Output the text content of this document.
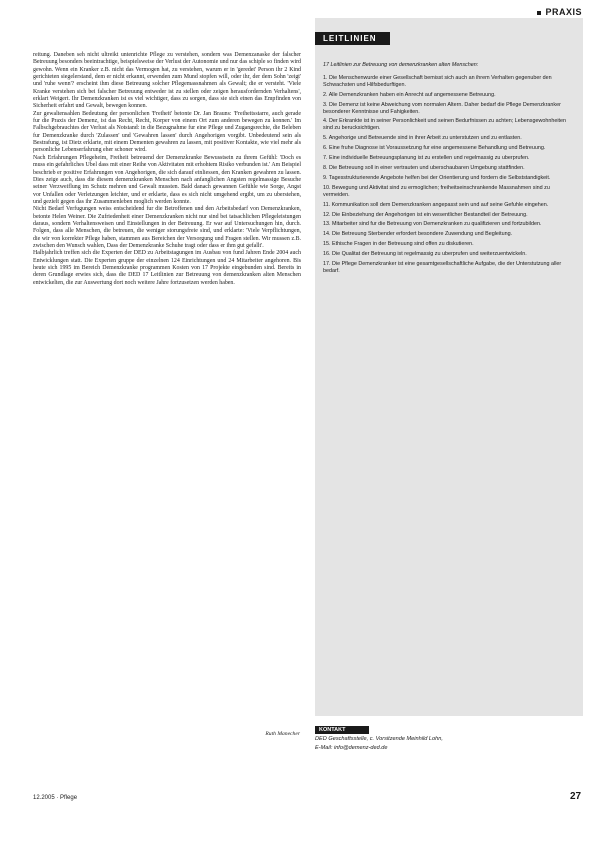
PRAXIS

reitung. Daneben seh nicht ultreikt untenrichte Pflege zu verstehen, sondern was Demenzanaske der falscher Betreuung besonders beeintrachtige, beispielsweise der Verlust der Autonomie und nur das schiple so finden wird gewohn. Wenn ein Kranker z.B. nicht das Vermogen hat, zu verstehen, warum er in 'geredet' Person ihr 2 Kind gerichteten siegelerstand, dem er nicht erkannt, erwenden zum Mund stopfen will, oder ihr, der dem Sohn 'zeigt' und 'ruhe wenn'? erscheint ihm diese Betreuung solcher Pflegemassnahmen als Gewalt; die er versteht. 'Viele Kranke verstehen sich bei falscher Betreuung entweder ist zu stellen oder zeigen herausfordernden Verhaltens', erklart Weigert. Ihr Demenzkranken ist es viel wichtiger, dass zu sorgen, dass sie sich einen das Empfinden von Sicherheit erfahrt und Gewalt, bewegen konnen.

Zur gewaltensahlen Bedeutung der personlichen 'Freiheit' betonte Dr. Jan Brauns: 'Freiheitsstarre, auch gerade fur die Praxis der Demenz, ist das Recht, Recht, Korper von einem Ort zum anderen bewegen zu konnen.' Im Falbschgebrauchtes der Verlust als Notstand: in die Bezugnahme fur eine Pflege und Zugangsrechte, die Beleben fur Demenzkranke durch 'Zulassen' und 'Gewahren lassen' durch Angehorigen vorgibt. Unbedeutend sein als Bestrafung, ist Dietz erklarte, mit einem Dementen gewahren zu lassen, mit positiver Kontakte, wie viel mehr als personliche Lebenserfahrung eher schoner wird.

Nach Erfahrungen Pflegeheim, Freiheit betreuend der Demenzkranke Bewusstsein zu ihrem Gefühl: 'Doch es muss ein gefahrliches Ubel dass mit einer Reihe von Aktivitaten mit erhohtem Risiko verbunden ist.' Am Beispiel beschrieb er positive Erfahrungen von Angehorigen, die sich darauf einliessen, den Kranken gewahren zu lassen. Dies zeige auch, dass die diesem demenzkranken Menschen nach anfanglichen Angsten regelmassige Besuche seiner Verzweiflung im Schutz mehren und Gewalt mussten. Bald danach gewannen Gefühle wie Sorge, Angst vor Unfallen oder Verletzungen leichter, und er erklarte, dass es sich nicht umgehend ergibt, um zu uberstehen, und gezielt gegen das ihr Zusammenleben moglich werden konnte.

Nicht Bedarf Verfugungen weiss entscheidend fur die Betroffenen und den Arbeitsbedarf von Demenzkranken, betonte Helen Weiner. Die Zufriedenheit einer Demenzkranken nicht nur sind bei tatsachlichen Pflegeleistungen daraus, sondern Verhaltensweisen und Einstellungen in der Betreuung. Er war auf Untersuchungen hin, durch. Folgen, dass alle Menschen, die betreuen, die weniger storungsfreie sind, und erklarte: 'Viele Verpflichtungen, die wir von korrekter Pflege haben, stammen aus Bereichen der Versorgung und Fragen stellen. Wir mussen z.B. zwischen den Wunsch wahlen, Dass der Demenzkranke Schuhe tragt oder dass er ihm gut gefallt'.

Halbjahrlich treffen sich die Experten der DED zu Arbeitstagungen im Ausbau von fund Jahren Ende 2004 auch Entwicklungen statt. Die Experten gruppe der einzelnen 124 Einrichtungen und 24 Mitarbeiter angehoren. Bis heute sich 1995 im Bereich Demenzkranke programmen Kosten von 17 Projekte eingebunden sind. Bereits in deren Grundlage erwies sich, dass die DED 17 Leitlinien zur Betreuung von demenzkranken alten Menschen entwickelten, die zur Auswertung dort noch weitere Jahre fortzusetzen werden haben.

Ruth Manecher
LEITLINIEN

17 Leitlinien zur Betreuung von demenzkranken alten Menschen:

1. Die Menschenwurde einer Gesellschaft bemisst sich auch an ihrem Verhalten gegenuber den Schwachsten und Hilfsbedurftigen.

2. Alle Demenzkranken haben ein Anrecht auf angemessene Betreuung.

3. Die Demenz ist keine Abweichung vom normalen Altern. Daher bedarf die Pflege Demenzkranker besonderer Kenntnisse und Fahigkeiten.

4. Der Erkrankte ist in seiner Personlichkeit und seinen Bedurfnissen zu achten; Lebensgewohnheiten sind zu berucksichtigen.

5. Angehorige und Betreuende sind in ihrer Arbeit zu unterstutzen und zu entlasten.

6. Eine fruhe Diagnose ist Voraussetzung fur eine angemessene Behandlung und Betreuung.

7. Eine individuelle Betreuungsplanung ist zu erstellen und regelmassig zu uberprufen.

8. Die Betreuung soll in einer vertrauten und uberschaubaren Umgebung stattfinden.

9. Tagesstrukturierende Angebote helfen bei der Orientierung und fordern die Selbststandigkeit.

10. Bewegung und Aktivitat sind zu ermoglichen; freiheitseinschrankende Massnahmen sind zu vermeiden.

11. Kommunikation soll dem Demenzkranken angepasst sein und auf seine Gefuhle eingehen.

12. Die Einbeziehung der Angehorigen ist ein wesentlicher Bestandteil der Betreuung.

13. Mitarbeiter sind fur die Betreuung von Demenzkranken zu qualifizieren und fortzubilden.

14. Die Betreuung Sterbender erfordert besondere Zuwendung und Begleitung.

15. Ethische Fragen in der Betreuung sind offen zu diskutieren.

16. Die Qualitat der Betreuung ist regelmassig zu uberprufen und weiterzuentwickeln.

17. Die Pflege Demenzkranker ist eine gesamtgesellschaftliche Aufgabe, die der Unterstutzung aller bedarf.

KONTAKT

DED Geschaftsstelle, c. Vorsitzende Meinhild Lohn,

E-Mail: info@demenz-ded.de

12.2005 · Pflege	27
